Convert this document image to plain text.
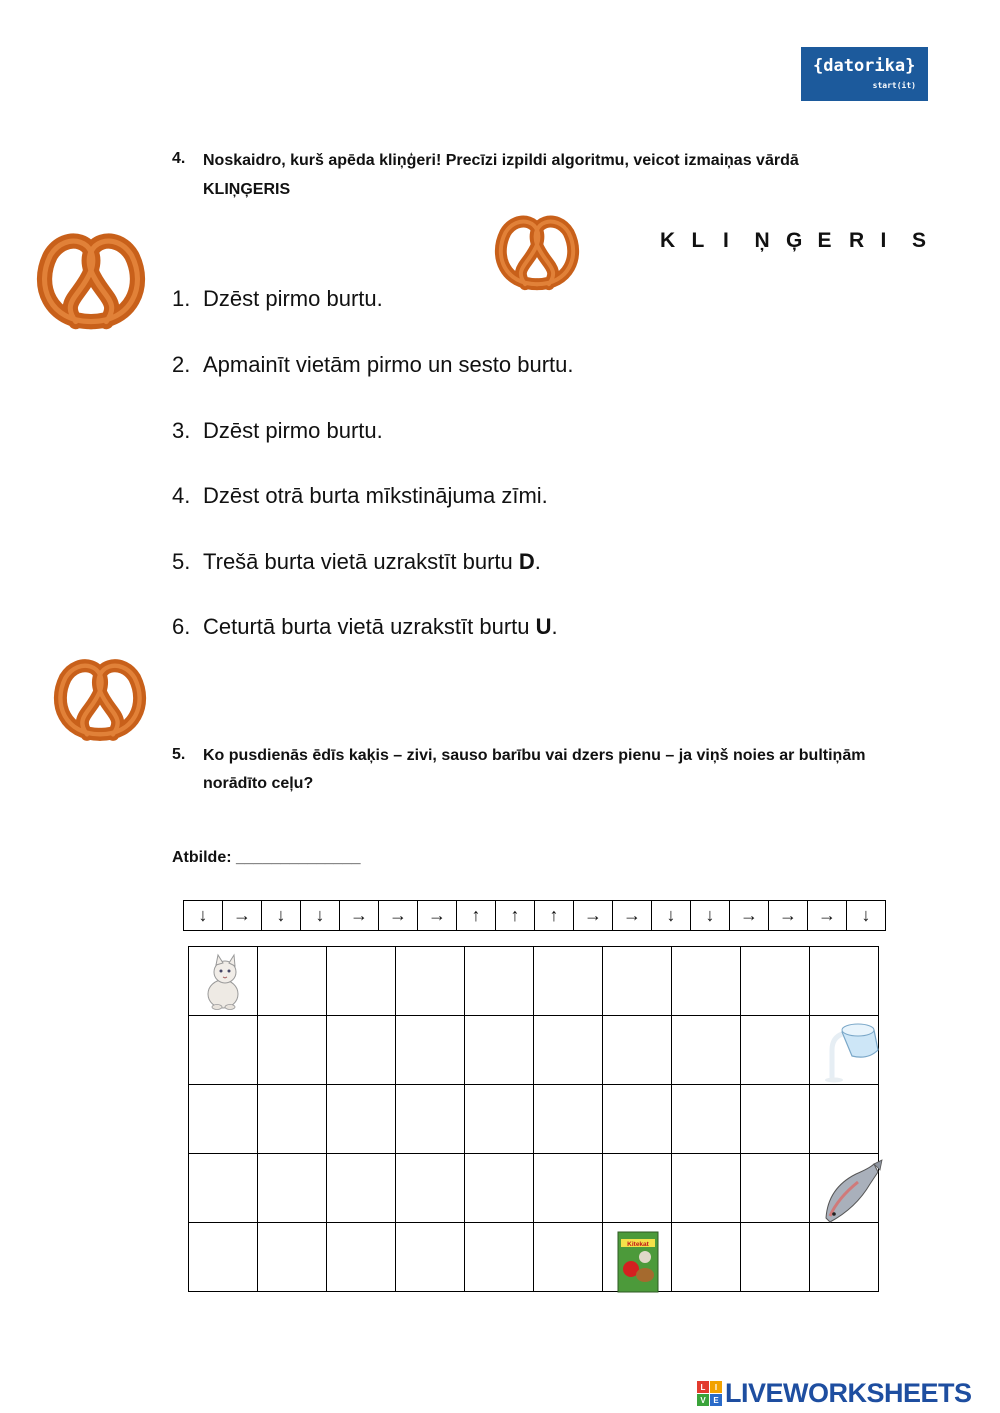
{datorika}
start(it)
4. Noskaidro, kurš apēda kliņģeri! Precīzi izpildi algoritmu, veicot izmaiņas vārdā
KLIŅĢERIS
K L I	Ņ Ģ E R I	S
1. Dzēst pirmo burtu.
2. Apmainīt vietām pirmo un sesto burtu.
3. Dzēst pirmo burtu.
4. Dzēst otrā burta mīkstinājuma zīmi.
5. Trešā burta vietā uzrakstīt burtu D .
6. Ceturtā burta vietā uzrakstīt burtu U .
5. Ko pusdienās ēdīs kaķis – zivi, sauso barību vai dzers pienu – ja viņš noies ar bultiņām
norādīto ceļu?
Atbilde: ______________
↓	→	↓	↓	→	→	→	↑	↑	↑	→	→	↓	↓	→	→	→	↓

Kitekat
L	I
V E LIVEWORKSHEETS
